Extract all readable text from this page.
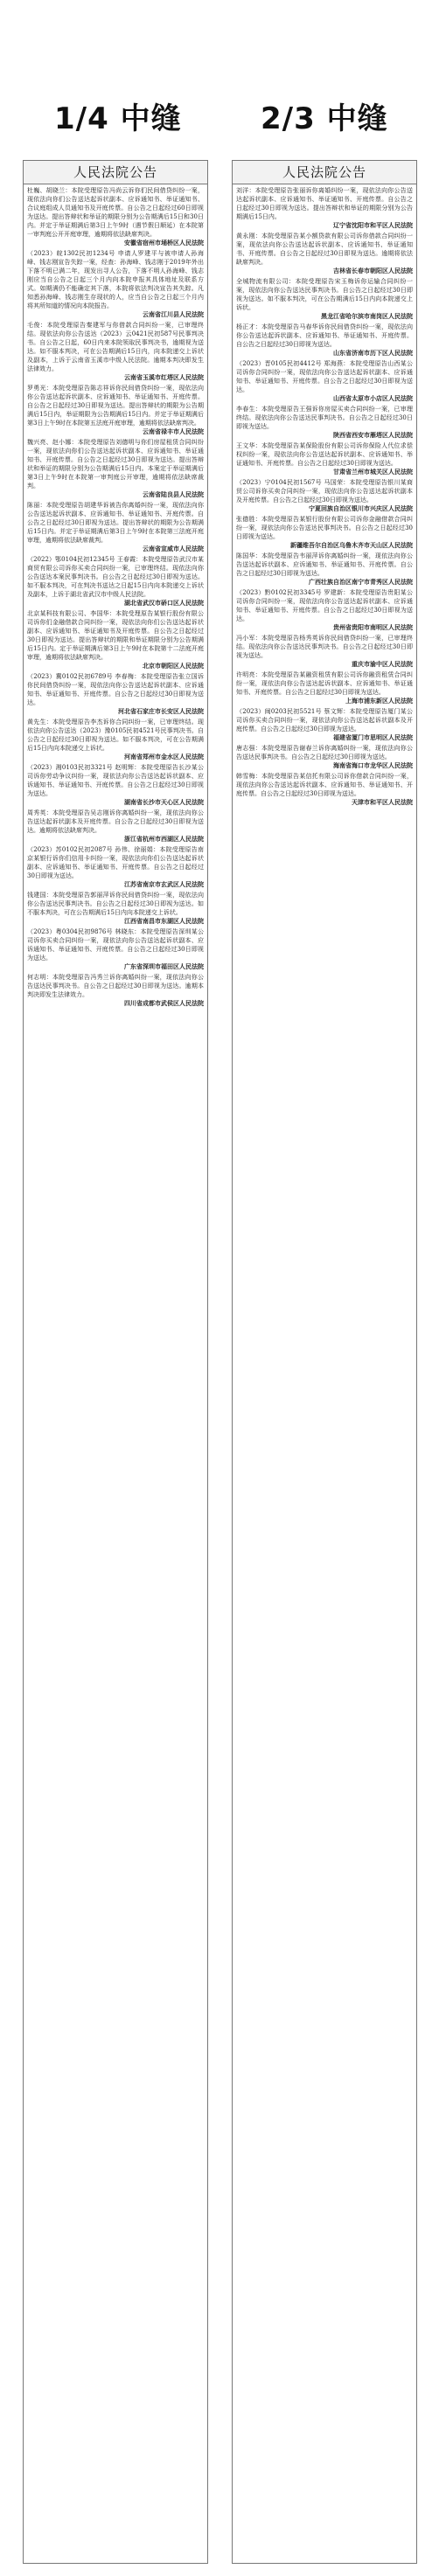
1/4 中缝	2/3 中缝
人民法院公告

杜巍、胡晓兰：本院受理原告冯尚云诉你们民间借贷纠纷一案，现依法向你们公告送达起诉状副本、应诉通知书、举证通知书、合议庭组成人员通知书及开庭传票。自公告之日起经过60日即视为送达。提出答辩状和举证的期限分别为公告期满后15日和30日内。并定于举证期满后第3日上午9时（遇节假日顺延）在本院第一审判庭公开开庭审理，逾期将依法缺席判决。

安徽省宿州市埇桥区人民法院

（2023）皖1302民初1234号 申请人罗建平与被申请人孙海峰、钱志刚宣告失踪一案，经查：孙海峰、钱志刚于2019年外出下落不明已满二年，现发出寻人公告，下落不明人孙海峰、钱志刚应当自公告之日起三个月内向本院申报其具体地址及联系方式。如期满仍不能确定其下落，本院将依法判决宣告其失踪。凡知悉孙海峰、钱志刚生存现状的人，应当自公告之日起三个月内将其所知道的情况向本院报告。

云南省江川县人民法院

毛俊：本院受理原告秦建军与你借款合同纠纷一案，已审理终结。现依法向你公告送达（2023）云0421民初587号民事判决书。自公告之日起，60日内来本院领取民事判决书，逾期视为送达。如不服本判决，可在公告期满后15日内，向本院递交上诉状及副本，上诉于云南省玉溪市中级人民法院。逾期本判决即发生法律效力。

云南省玉溪市红塔区人民法院

罗勇光：本院受理原告陈志祥诉你民间借贷纠纷一案，现依法向你公告送达起诉状副本、应诉通知书、举证通知书、开庭传票。自公告之日起经过30日即视为送达。提出答辩状的期限为公告期满后15日内，举证期限为公告期满后15日内。并定于举证期满后第3日上午9时在本院第五法庭开庭审理，逾期将依法缺席判决。

云南省禄丰市人民法院

魏兴亮、赵小娜：本院受理原告刘德明与你们房屋租赁合同纠纷一案，现依法向你们公告送达起诉状副本、应诉通知书、举证通知书、开庭传票。自公告之日起经过30日即视为送达。提出答辩状和举证的期限分别为公告期满后15日内。本案定于举证期满后第3日上午9时在本院第一审判庭公开审理，逾期将依法缺席裁判。

云南省陆良县人民法院

陈丽：本院受理原告胡建华诉被告你离婚纠纷一案，现依法向你公告送达起诉状副本、应诉通知书、举证通知书、开庭传票。自公告之日起经过30日即视为送达。提出答辩状的期限为公告期满后15日内。并定于举证期满后第3日上午9时在本院第三法庭开庭审理，逾期将依法缺席裁判。

云南省宣威市人民法院

（2022）鄂0104民初12345号 王春霞：本院受理原告武汉市某商贸有限公司诉你买卖合同纠纷一案，已审理终结。现依法向你公告送达本案民事判决书。自公告之日起经过30日即视为送达。如不服本判决，可在判决书送达之日起15日内向本院递交上诉状及副本，上诉于湖北省武汉市中级人民法院。

湖北省武汉市硚口区人民法院

北京某科技有限公司、李国华：本院受理原告某银行股份有限公司诉你们金融借款合同纠纷一案，现依法向你们公告送达起诉状副本、应诉通知书、举证通知书及开庭传票。自公告之日起经过30日即视为送达。提出答辩状的期限和举证期限分别为公告期满后15日内。定于举证期满后第3日上午9时在本院第十二法庭开庭审理，逾期将依法缺席判决。

北京市朝阳区人民法院

（2023）冀0102民初6789号 李春梅：本院受理原告张立国诉你民间借贷纠纷一案，现依法向你公告送达起诉状副本、应诉通知书、举证通知书、开庭传票。自公告之日起经过30日即视为送达。

河北省石家庄市长安区人民法院

黄先生：本院受理原告李杰诉你合同纠纷一案，已审理终结。现依法向你公告送达（2023）豫0105民初4521号民事判决书。自公告之日起经过30日即视为送达。如不服本判决，可在公告期满后15日内向本院递交上诉状。

河南省郑州市金水区人民法院

（2023）湘0103民初3321号 赵明辉：本院受理原告长沙某公司诉你劳动争议纠纷一案，现依法向你公告送达起诉状副本、应诉通知书、举证通知书、开庭传票。自公告之日起经过30日即视为送达。

湖南省长沙市天心区人民法院

周秀英：本院受理原告吴志刚诉你离婚纠纷一案，现依法向你公告送达起诉状副本及开庭传票。自公告之日起经过30日即视为送达。逾期将依法缺席判决。

浙江省杭州市西湖区人民法院

（2023）苏0102民初2087号 孙伟、徐丽娟：本院受理原告南京某银行诉你们信用卡纠纷一案，现依法向你们公告送达起诉状副本、应诉通知书、举证通知书、开庭传票。自公告之日起经过30日即视为送达。

江苏省南京市玄武区人民法院

钱建国：本院受理原告郭丽萍诉你民间借贷纠纷一案，现依法向你公告送达民事判决书。自公告之日起经过30日即视为送达。如不服本判决，可在公告期满后15日内向本院递交上诉状。

江西省南昌市东湖区人民法院

（2023）粤0304民初9876号 林晓东：本院受理原告深圳某公司诉你买卖合同纠纷一案，现依法向你公告送达起诉状副本、应诉通知书、举证通知书、开庭传票。自公告之日起经过30日即视为送达。

广东省深圳市福田区人民法院

何志明：本院受理原告冯秀兰诉你离婚纠纷一案，现依法向你公告送达民事判决书。自公告之日起经过30日即视为送达。逾期本判决即发生法律效力。

四川省成都市武侯区人民法院
人民法院公告

刘洋：本院受理原告张丽诉你离婚纠纷一案，现依法向你公告送达起诉状副本、应诉通知书、举证通知书、开庭传票。自公告之日起经过30日即视为送达。提出答辩状和举证的期限分别为公告期满后15日内。

辽宁省沈阳市和平区人民法院

黄永刚：本院受理原告某小额贷款有限公司诉你借款合同纠纷一案，现依法向你公告送达起诉状副本、应诉通知书、举证通知书、开庭传票。自公告之日起经过30日即视为送达。逾期将依法缺席判决。

吉林省长春市朝阳区人民法院

全城物流有限公司：本院受理原告宋玉梅诉你运输合同纠纷一案，现依法向你公告送达民事判决书。自公告之日起经过30日即视为送达。如不服本判决，可在公告期满后15日内向本院递交上诉状。

黑龙江省哈尔滨市南岗区人民法院

杨正才：本院受理原告马春华诉你民间借贷纠纷一案，现依法向你公告送达起诉状副本、应诉通知书、举证通知书、开庭传票。自公告之日起经过30日即视为送达。

山东省济南市历下区人民法院

（2023）晋0105民初4412号 郑海燕：本院受理原告山西某公司诉你合同纠纷一案，现依法向你公告送达起诉状副本、应诉通知书、举证通知书、开庭传票。自公告之日起经过30日即视为送达。

山西省太原市小店区人民法院

李春生：本院受理原告王强诉你房屋买卖合同纠纷一案，已审理终结。现依法向你公告送达民事判决书。自公告之日起经过30日即视为送达。

陕西省西安市雁塔区人民法院

王文华：本院受理原告某保险股份有限公司诉你保险人代位求偿权纠纷一案，现依法向你公告送达起诉状副本、应诉通知书、举证通知书、开庭传票。自公告之日起经过30日即视为送达。

甘肃省兰州市城关区人民法院

（2023）宁0104民初1567号 马国荣：本院受理原告银川某商贸公司诉你买卖合同纠纷一案，现依法向你公告送达起诉状副本及开庭传票。自公告之日起经过30日即视为送达。

宁夏回族自治区银川市兴庆区人民法院

张德胜：本院受理原告某银行股份有限公司诉你金融借款合同纠纷一案，现依法向你公告送达民事判决书。自公告之日起经过30日即视为送达。

新疆维吾尔自治区乌鲁木齐市天山区人民法院

陈国华：本院受理原告韦丽萍诉你离婚纠纷一案，现依法向你公告送达起诉状副本、应诉通知书、举证通知书、开庭传票。自公告之日起经过30日即视为送达。

广西壮族自治区南宁市青秀区人民法院

（2023）黔0102民初3345号 罗建新：本院受理原告贵阳某公司诉你合同纠纷一案，现依法向你公告送达起诉状副本、应诉通知书、举证通知书、开庭传票。自公告之日起经过30日即视为送达。

贵州省贵阳市南明区人民法院

冯小军：本院受理原告杨秀英诉你民间借贷纠纷一案，已审理终结。现依法向你公告送达民事判决书。自公告之日起经过30日即视为送达。

重庆市渝中区人民法院

许明亮：本院受理原告某融资租赁有限公司诉你融资租赁合同纠纷一案，现依法向你公告送达起诉状副本、应诉通知书、举证通知书、开庭传票。自公告之日起经过30日即视为送达。

上海市浦东新区人民法院

（2023）闽0203民初5521号 蔡文辉：本院受理原告厦门某公司诉你买卖合同纠纷一案，现依法向你公告送达起诉状副本及开庭传票。自公告之日起经过30日即视为送达。

福建省厦门市思明区人民法院

唐志强：本院受理原告谢春兰诉你离婚纠纷一案，现依法向你公告送达民事判决书。自公告之日起经过30日即视为送达。

海南省海口市龙华区人民法院

韩雪梅：本院受理原告某信托有限公司诉你借款合同纠纷一案，现依法向你公告送达起诉状副本、应诉通知书、举证通知书、开庭传票。自公告之日起经过30日即视为送达。

天津市和平区人民法院
